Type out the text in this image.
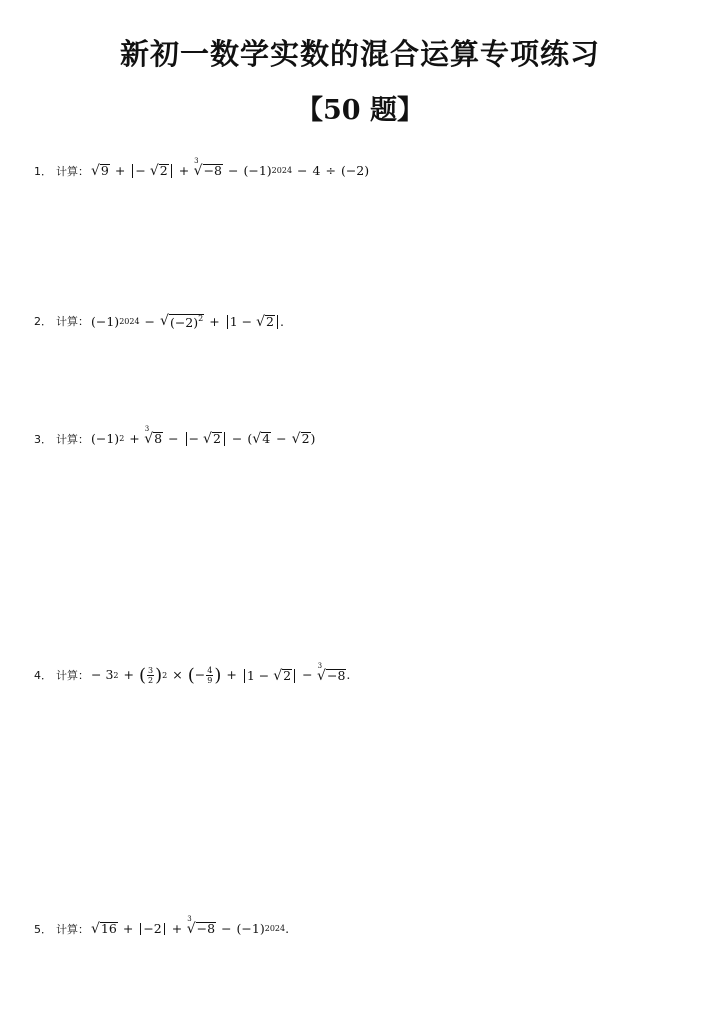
新初一数学实数的混合运算专项练习
【50 题】
1． 计算： √ 9 + − √ 2 +
3
√ −8 − (−1) 2024 − 4 ÷ (−2)
2． 计算： (−1) 2024 − √ $(-2)^2 + 1$ − √ 2 .
3． 计算： (−1) 2 +
3
√ 8 − − √ 2 −
( √ 4 − √ 2 )
4． 计算： − 3 2 + ( $\frac{3}{2}$ ) 2 × ( − $\frac{4}{9}$ ) + 1 − √ 2 −
3
√ −8 .
5． 计算： √ 16 + −2 +
3
√ −8 − (−1) 2024 .
